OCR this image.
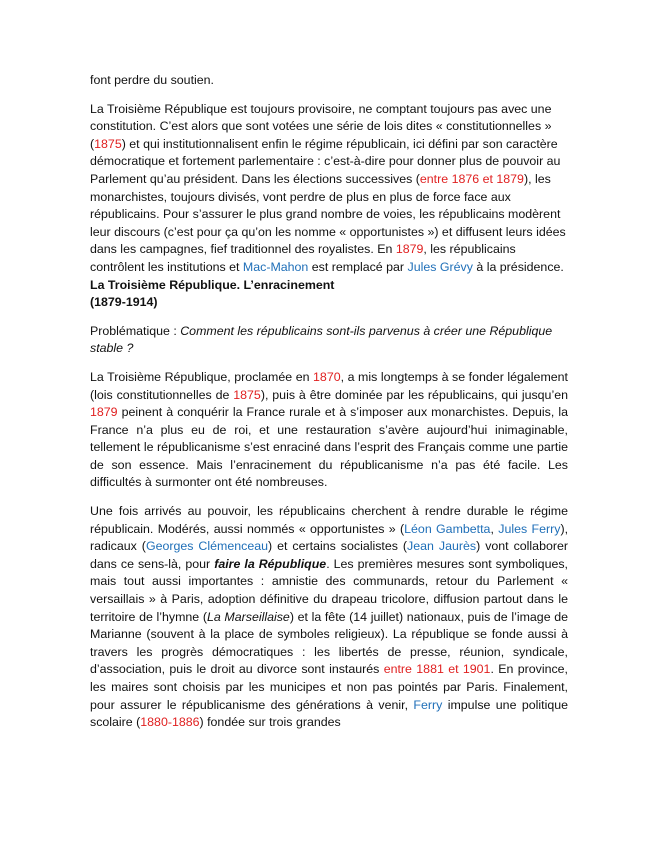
font perdre du soutien.

La Troisième République est toujours provisoire, ne comptant toujours pas avec une constitution. C’est alors que sont votées une série de lois dites « constitutionnelles » (1875) et qui institutionnalisent enfin le régime républicain, ici défini par son caractère démocratique et fortement parlementaire : c’est-à-dire pour donner plus de pouvoir au Parlement qu’au président. Dans les élections successives (entre 1876 et 1879), les monarchistes, toujours divisés, vont perdre de plus en plus de force face aux républicains. Pour s’assurer le plus grand nombre de voies, les républicains modèrent leur discours (c’est pour ça qu’on les nomme « opportunistes ») et diffusent leurs idées dans les campagnes, fief traditionnel des royalistes. En 1879, les républicains contrôlent les institutions et Mac-Mahon est remplacé par Jules Grévy à la présidence.

La Troisième République. L’enracinement
(1879-1914)

Problématique : Comment les républicains sont-ils parvenus à créer une République stable ?

La Troisième République, proclamée en 1870, a mis longtemps à se fonder légalement (lois constitutionnelles de 1875), puis à être dominée par les républicains, qui jusqu’en 1879 peinent à conquérir la France rurale et à s’imposer aux monarchistes. Depuis, la France n’a plus eu de roi, et une restauration s’avère aujourd’hui inimaginable, tellement le républicanisme s’est enraciné dans l’esprit des Français comme une partie de son essence. Mais l’enracinement du républicanisme n’a pas été facile. Les difficultés à surmonter ont été nombreuses.

Une fois arrivés au pouvoir, les républicains cherchent à rendre durable le régime républicain. Modérés, aussi nommés « opportunistes » (Léon Gambetta, Jules Ferry), radicaux (Georges Clémenceau) et certains socialistes (Jean Jaurès) vont collaborer dans ce sens-là, pour faire la République. Les premières mesures sont symboliques, mais tout aussi importantes : amnistie des communards, retour du Parlement « versaillais » à Paris, adoption définitive du drapeau tricolore, diffusion partout dans le territoire de l’hymne (La Marseillaise) et la fête (14 juillet) nationaux, puis de l’image de Marianne (souvent à la place de symboles religieux). La république se fonde aussi à travers les progrès démocratiques : les libertés de presse, réunion, syndicale, d’association, puis le droit au divorce sont instaurés entre 1881 et 1901. En province, les maires sont choisis par les municipes et non pas pointés par Paris. Finalement, pour assurer le républicanisme des générations à venir, Ferry impulse une politique scolaire (1880-1886) fondée sur trois grandes
